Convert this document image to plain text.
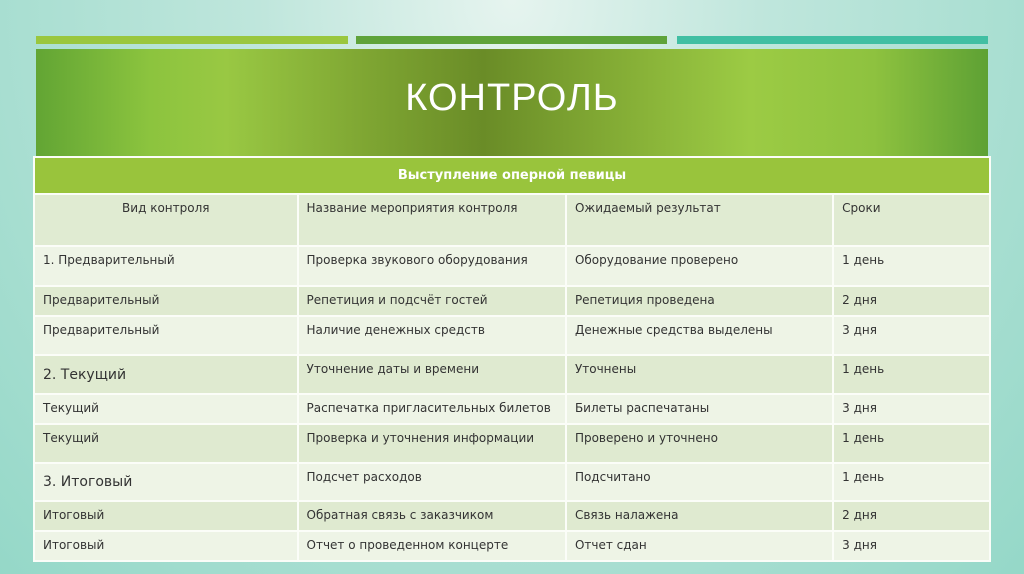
КОНТРОЛЬ
Выступление оперной певицы			
Вид контроля	Название мероприятия контроля	Ожидаемый результат	Сроки
1. Предварительный	Проверка звукового оборудования	Оборудование проверено	1 день
Предварительный	Репетиция и подсчёт гостей	Репетиция проведена	2 дня
Предварительный	Наличие денежных средств	Денежные средства выделены	3 дня
2. Текущий	Уточнение даты и времени	Уточнены	1 день
Текущий	Распечатка пригласительных билетов	Билеты распечатаны	3 дня
Текущий	Проверка и уточнения информации	Проверено и уточнено	1 день
3. Итоговый	Подсчет расходов	Подсчитано	1 день
Итоговый	Обратная связь с заказчиком	Связь налажена	2 дня
Итоговый	Отчет о проведенном концерте	Отчет сдан	3 дня
